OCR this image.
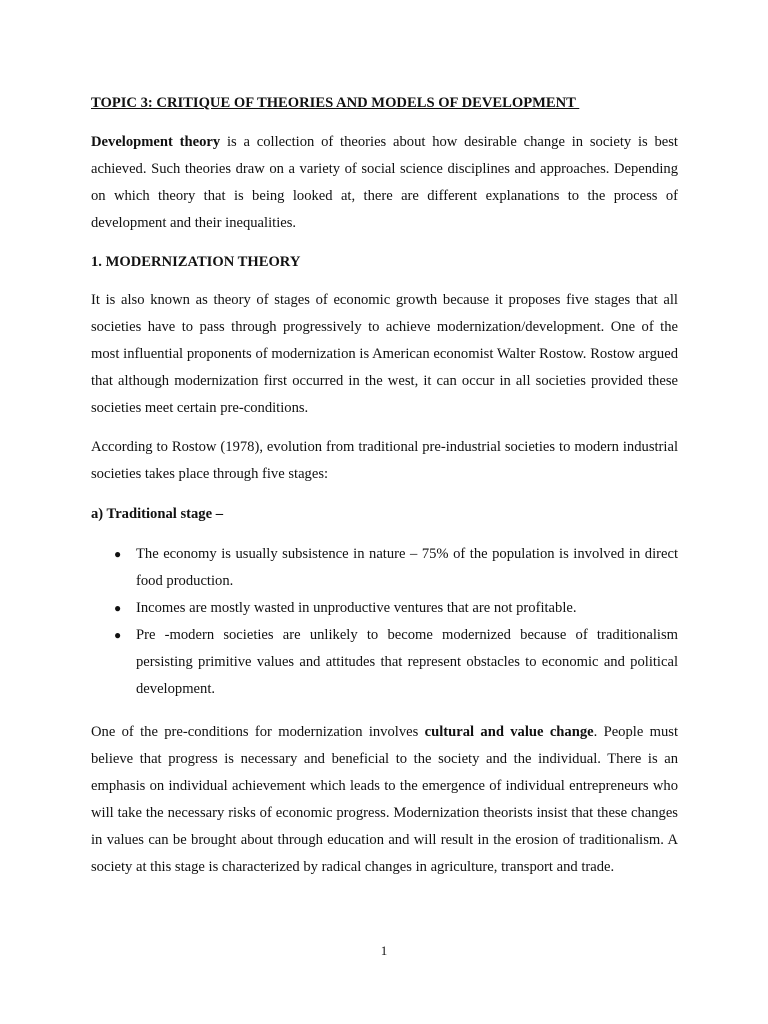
TOPIC 3: CRITIQUE OF THEORIES AND MODELS OF DEVELOPMENT

Development theory is a collection of theories about how desirable change in society is best achieved. Such theories draw on a variety of social science disciplines and approaches. Depending on which theory that is being looked at, there are different explanations to the process of development and their inequalities.

1. MODERNIZATION THEORY

It is also known as theory of stages of economic growth because it proposes five stages that all societies have to pass through progressively to achieve modernization/development. One of the most influential proponents of modernization is American economist Walter Rostow. Rostow argued that although modernization first occurred in the west, it can occur in all societies provided these societies meet certain pre-conditions.

According to Rostow (1978), evolution from traditional pre-industrial societies to modern industrial societies takes place through five stages:

a) Traditional stage –

● The economy is usually subsistence in nature – 75% of the population is involved in direct food production.
● Incomes are mostly wasted in unproductive ventures that are not profitable.
● Pre -modern societies are unlikely to become modernized because of traditionalism persisting primitive values and attitudes that represent obstacles to economic and political development.

One of the pre-conditions for modernization involves cultural and value change. People must believe that progress is necessary and beneficial to the society and the individual. There is an emphasis on individual achievement which leads to the emergence of individual entrepreneurs who will take the necessary risks of economic progress. Modernization theorists insist that these changes in values can be brought about through education and will result in the erosion of traditionalism. A society at this stage is characterized by radical changes in agriculture, transport and trade.

1
